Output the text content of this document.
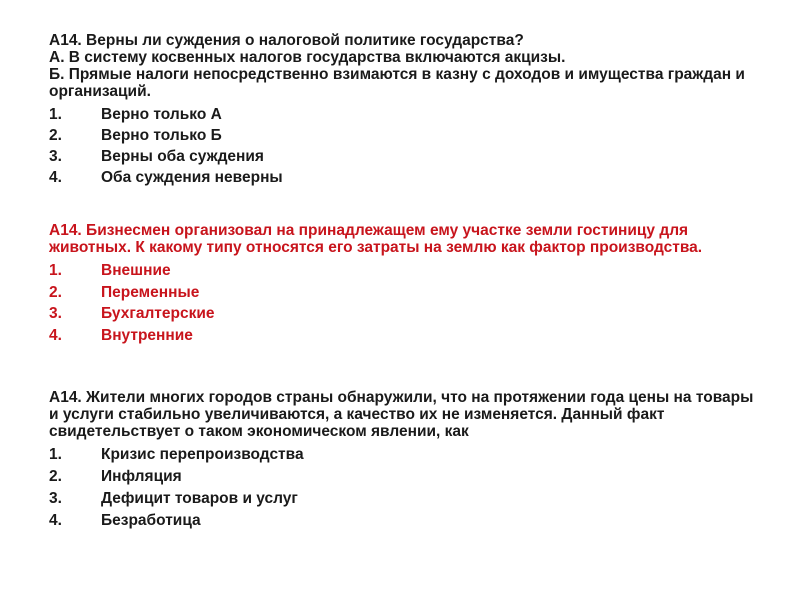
А14. Верны ли суждения о налоговой политике государства?
А. В систему косвенных налогов государства включаются акцизы.
Б. Прямые налоги непосредственно взимаются в казну с доходов и имущества граждан и организаций.
1.	Верно только А
2.	Верно только Б
3.	Верны оба суждения
4.	Оба суждения неверны
А14. Бизнесмен организовал на принадлежащем ему участке земли гостиницу для животных. К какому типу относятся его затраты на землю как фактор производства.
1.	Внешние
2.	Переменные
3.	Бухгалтерские
4.	Внутренние
А14. Жители многих городов страны обнаружили, что на протяжении года цены на товары и услуги стабильно увеличиваются, а качество их не изменяется. Данный факт свидетельствует о таком экономическом явлении, как
1.	Кризис перепроизводства
2.	Инфляция
3.	Дефицит товаров и услуг
4.	Безработица
